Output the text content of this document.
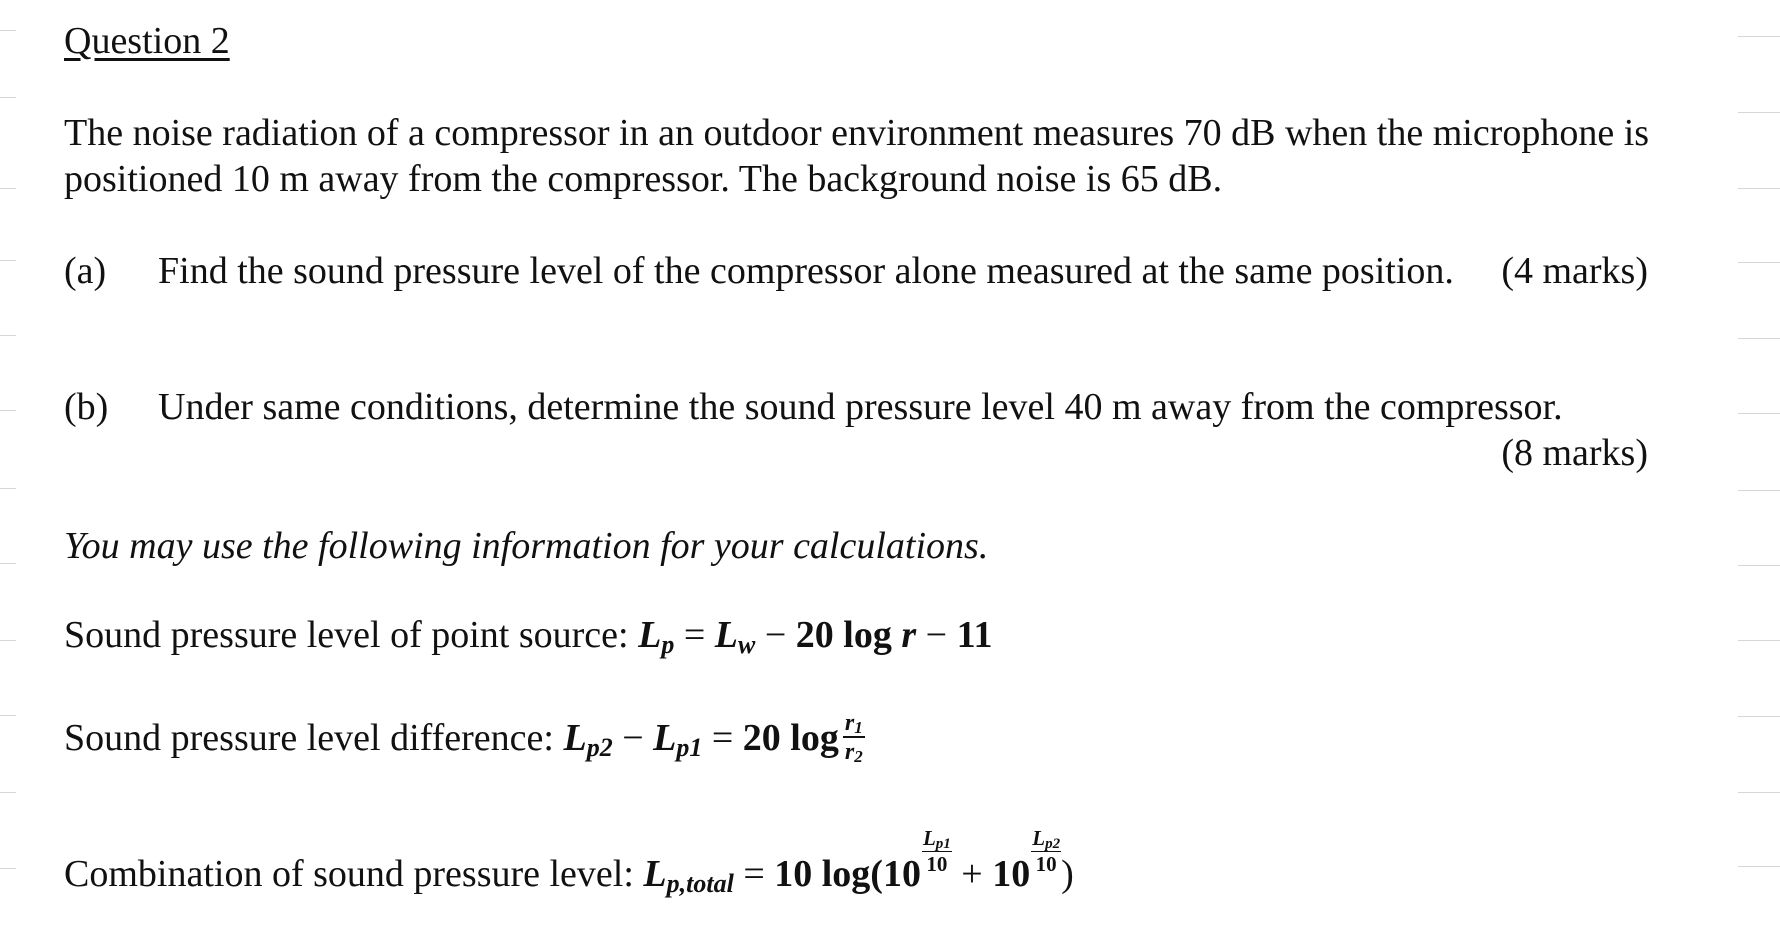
Question 2
The noise radiation of a compressor in an outdoor environment measures 70 dB when the microphone is positioned 10 m away from the compressor. The background noise is 65 dB.
(a) Find the sound pressure level of the compressor alone measured at the same position. (4 marks)
(b) Under same conditions, determine the sound pressure level 40 m away from the compressor.
(8 marks)
You may use the following information for your calculations.
Sound pressure level of point source: $L_p = L_w - 20$ log r − 11
Sound pressure level difference: $L_{p2} - L_{p1} = 20$ $\log \frac{r_1}{r_2}$
Combination of sound pressure level: $L_{p,total} = 10$ $\log(10 \frac{L_{p1}}{10} + 10 \frac{L_{p2}}{10}$ )
